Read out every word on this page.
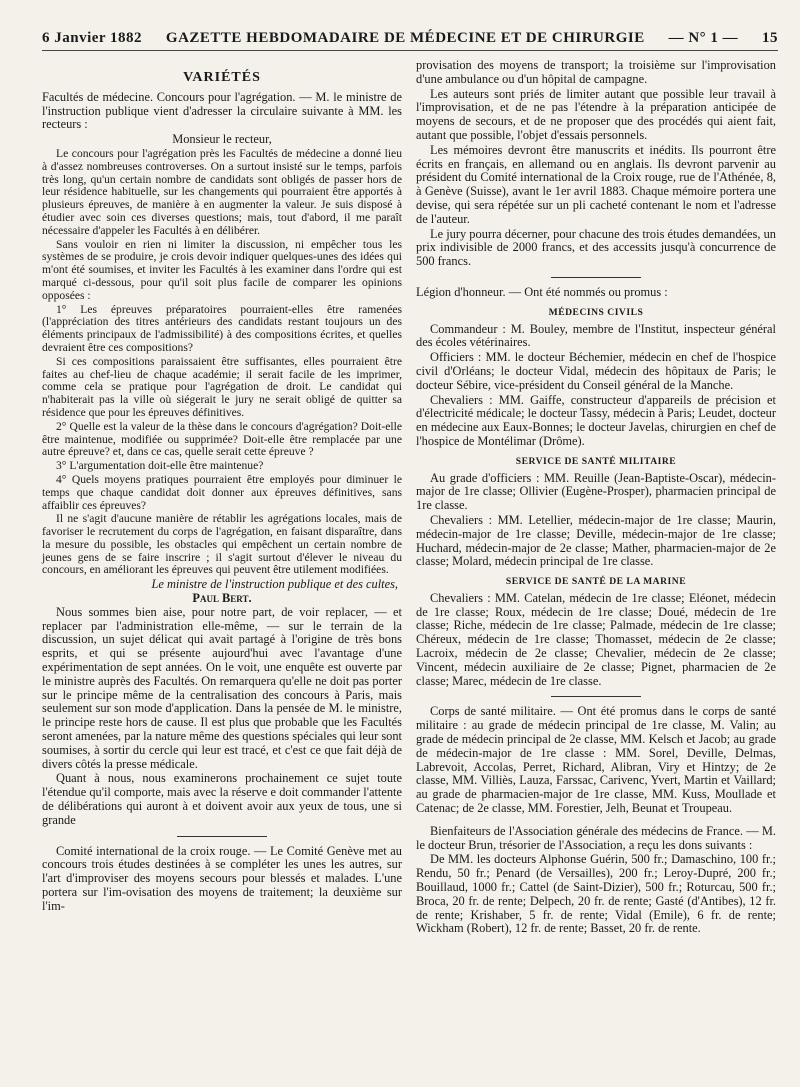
6 Janvier 1882 GAZETTE HEBDOMADAIRE DE MÉDECINE ET DE CHIRURGIE — N° 1 — 15
VARIÉTÉS

Facultés de médecine. Concours pour l'agrégation. — M. le ministre de l'instruction publique vient d'adresser la circulaire suivante à MM. les recteurs :

Monsieur le recteur,

Le concours pour l'agrégation près les Facultés de médecine a donné lieu à d'assez nombreuses controverses. On a surtout insisté sur le temps, parfois très long, qu'un certain nombre de candidats sont obligés de passer hors de leur résidence habituelle, sur les changements qui pourraient être apportés à plusieurs épreuves, de manière à en augmenter la valeur. Je suis disposé à étudier avec soin ces diverses questions; mais, tout d'abord, il me paraît nécessaire d'appeler les Facultés à en délibérer.

Sans vouloir en rien ni limiter la discussion, ni empêcher tous les systèmes de se produire, je crois devoir indiquer quelques-unes des idées qui m'ont été soumises, et inviter les Facultés à les examiner dans l'ordre qui est marqué ci-dessous, pour qu'il soit plus facile de comparer les opinions opposées :

1° Les épreuves préparatoires pourraient-elles être ramenées (l'appréciation des titres antérieurs des candidats restant toujours un des éléments principaux de l'admissibilité) à des compositions écrites, et quelles devraient être ces compositions?

Si ces compositions paraissaient être suffisantes, elles pourraient être faites au chef-lieu de chaque académie; il serait facile de les imprimer, comme cela se pratique pour l'agrégation de droit. Le candidat qui n'habiterait pas la ville où siégerait le jury ne serait obligé de quitter sa résidence que pour les épreuves définitives.

2° Quelle est la valeur de la thèse dans le concours d'agrégation? Doit-elle être maintenue, modifiée ou supprimée? Doit-elle être remplacée par une autre épreuve? et, dans ce cas, quelle serait cette épreuve ?

3° L'argumentation doit-elle être maintenue?

4° Quels moyens pratiques pourraient être employés pour diminuer le temps que chaque candidat doit donner aux épreuves définitives, sans affaiblir ces épreuves?

Il ne s'agit d'aucune manière de rétablir les agrégations locales, mais de favoriser le recrutement du corps de l'agrégation, en faisant disparaître, dans la mesure du possible, les obstacles qui empêchent un certain nombre de jeunes gens de se faire inscrire ; il s'agit surtout d'élever le niveau du concours, en améliorant les épreuves qui peuvent être utilement modifiées.

Le ministre de l'instruction publique et des cultes,
Paul Bert.

Nous sommes bien aise, pour notre part, de voir replacer, — et replacer par l'administration elle-même, — sur le terrain de la discussion, un sujet délicat qui avait partagé à l'origine de très bons esprits, et qui se présente aujourd'hui avec l'avantage d'une expérimentation de sept années. On le voit, une enquête est ouverte par le ministre auprès des Facultés. On remarquera qu'elle ne doit pas porter sur le principe même de la centralisation des concours à Paris, mais seulement sur son mode d'application. Dans la pensée de M. le ministre, le principe reste hors de cause. Il est plus que probable que les Facultés seront amenées, par la nature même des questions spéciales qui leur sont soumises, à sortir du cercle qui leur est tracé, et c'est ce que fait déjà de divers côtés la presse médicale.

Quant à nous, nous examinerons prochainement ce sujet toute l'étendue qu'il comporte, mais avec la réserve e doit commander l'attente de délibérations qui auront à et doivent avoir aux yeux de tous, une si grande

Comité international de la croix rouge. — Le Comité Genève met au concours trois études destinées à se compléter les unes les autres, sur l'art d'improviser des moyens secours pour blessés et malades. L'une portera sur l'im-ovisation des moyens de traitement; la deuxième sur l'im-

provisation des moyens de transport; la troisième sur l'improvisation d'une ambulance ou d'un hôpital de campagne.

Les auteurs sont priés de limiter autant que possible leur travail à l'improvisation, et de ne pas l'étendre à la préparation anticipée de moyens de secours, et de ne proposer que des procédés qui aient fait, autant que possible, l'objet d'essais personnels.

Les mémoires devront être manuscrits et inédits. Ils pourront être écrits en français, en allemand ou en anglais. Ils devront parvenir au président du Comité international de la Croix rouge, rue de l'Athénée, 8, à Genève (Suisse), avant le 1er avril 1883. Chaque mémoire portera une devise, qui sera répétée sur un pli cacheté contenant le nom et l'adresse de l'auteur.

Le jury pourra décerner, pour chacune des trois études demandées, un prix indivisible de 2000 francs, et des accessits jusqu'à concurrence de 500 francs.

Légion d'honneur. — Ont été nommés ou promus :

MÉDECINS CIVILS

Commandeur : M. Bouley, membre de l'Institut, inspecteur général des écoles vétérinaires.

Officiers : MM. le docteur Béchemier, médecin en chef de l'hospice civil d'Orléans; le docteur Vidal, médecin des hôpitaux de Paris; le docteur Sébire, vice-président du Conseil général de la Manche.

Chevaliers : MM. Gaiffe, constructeur d'appareils de précision et d'électricité médicale; le docteur Tassy, médecin à Paris; Leudet, docteur en médecine aux Eaux-Bonnes; le docteur Javelas, chirurgien en chef de l'hospice de Montélimar (Drôme).

SERVICE DE SANTÉ MILITAIRE

Au grade d'officiers : MM. Reuille (Jean-Baptiste-Oscar), médecin-major de 1re classe; Ollivier (Eugène-Prosper), pharmacien principal de 1re classe.

Chevaliers : MM. Letellier, médecin-major de 1re classe; Maurin, médecin-major de 1re classe; Deville, médecin-major de 1re classe; Huchard, médecin-major de 2e classe; Mather, pharmacien-major de 2e classe; Molard, médecin principal de 1re classe.

SERVICE DE SANTÉ DE LA MARINE

Chevaliers : MM. Catelan, médecin de 1re classe; Eléonet, médecin de 1re classe; Roux, médecin de 1re classe; Doué, médecin de 1re classe; Riche, médecin de 1re classe; Palmade, médecin de 1re classe; Chéreux, médecin de 1re classe; Thomasset, médecin de 2e classe; Lacroix, médecin de 2e classe; Chevalier, médecin de 2e classe; Vincent, médecin auxiliaire de 2e classe; Pignet, pharmacien de 2e classe; Marec, médecin de 1re classe.

Corps de santé militaire. — Ont été promus dans le corps de santé militaire : au grade de médecin principal de 1re classe, M. Valin; au grade de médecin principal de 2e classe, MM. Kelsch et Jacob; au grade de médecin-major de 1re classe : MM. Sorel, Deville, Delmas, Labrevoit, Accolas, Perret, Richard, Alibran, Viry et Hintzy; de 2e classe, MM. Villiès, Lauza, Farssac, Carivenc, Yvert, Martin et Vaillard; au grade de pharmacien-major de 1re classe, MM. Kuss, Moullade et Catenac; de 2e classe, MM. Forestier, Jelh, Beunat et Troupeau.

Bienfaiteurs de l'Association générale des médecins de France. — M. le docteur Brun, trésorier de l'Association, a reçu les dons suivants :

De MM. les docteurs Alphonse Guérin, 500 fr.; Damaschino, 100 fr.; Rendu, 50 fr.; Penard (de Versailles), 200 fr.; Leroy-Dupré, 200 fr.; Bouillaud, 1000 fr.; Cattel (de Saint-Dizier), 500 fr.; Roturcau, 500 fr.; Broca, 20 fr. de rente; Delpech, 20 fr. de rente; Gasté (d'Antibes), 12 fr. de rente; Krishaber, 5 fr. de rente; Vidal (Emile), 6 fr. de rente; Wickham (Robert), 12 fr. de rente; Basset, 20 fr. de rente.
